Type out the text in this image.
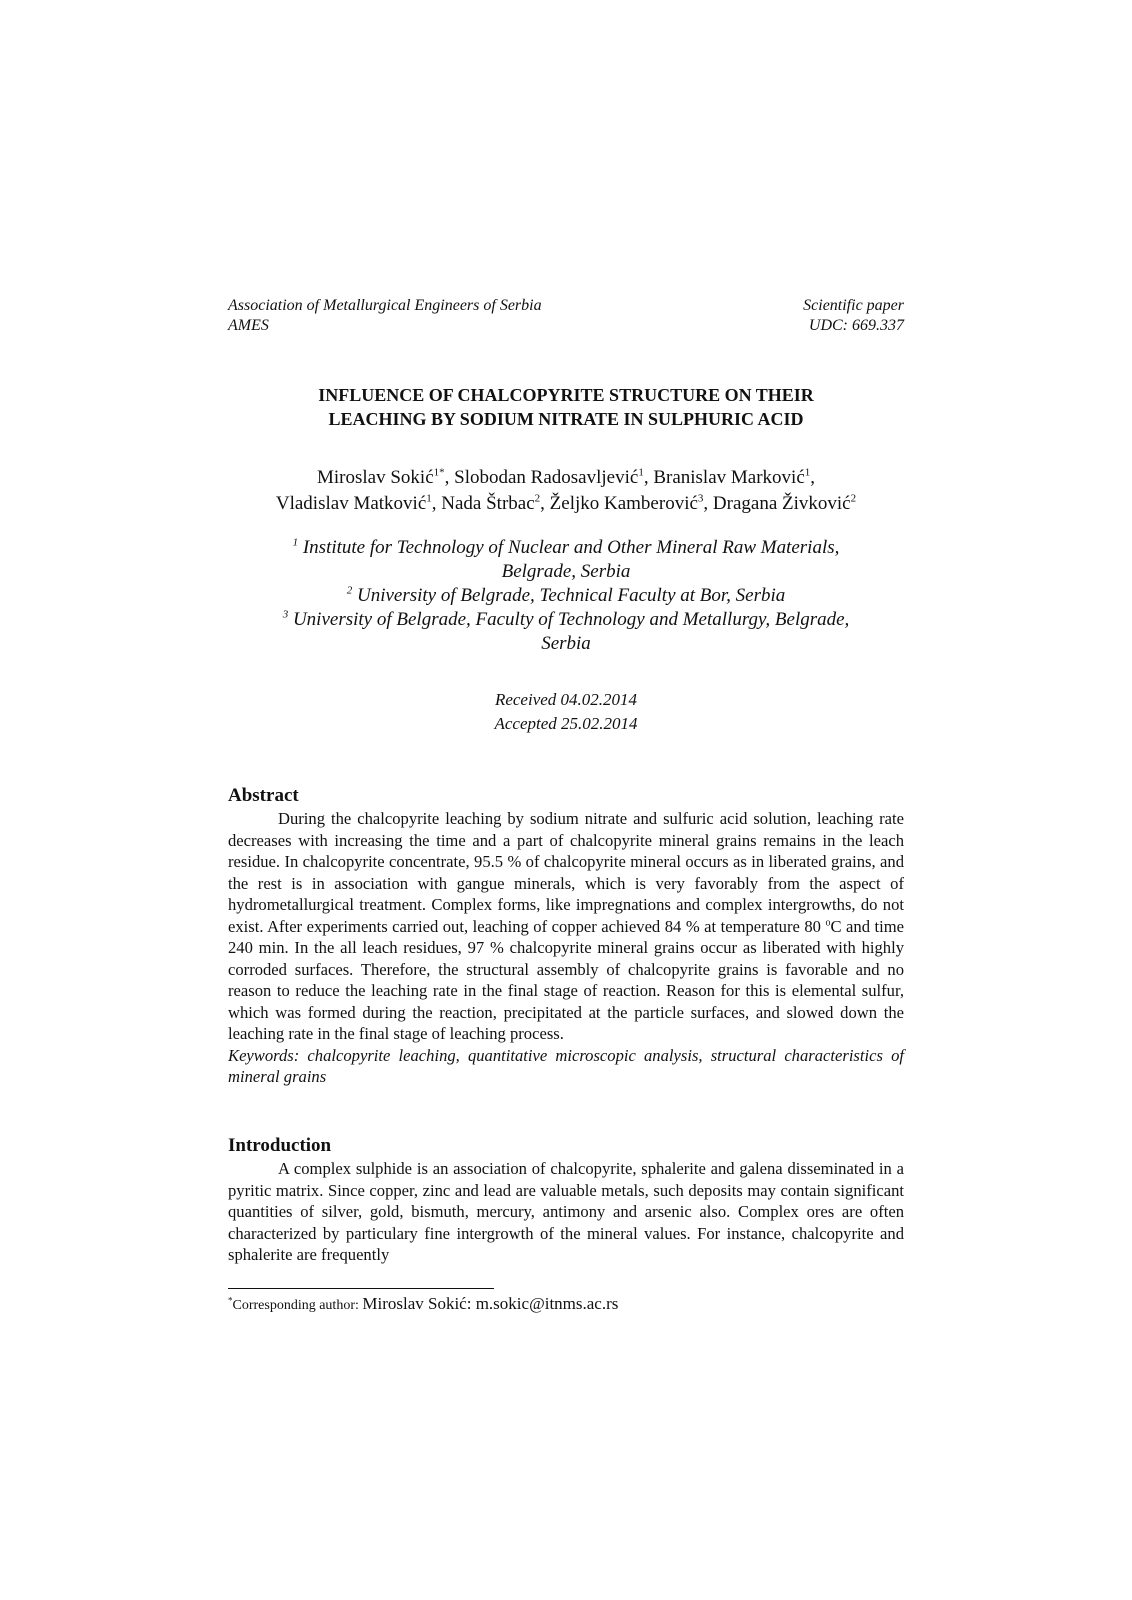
Association of Metallurgical Engineers of Serbia	Scientific paper
AMES	UDC: 669.337
INFLUENCE OF CHALCOPYRITE STRUCTURE ON THEIR
LEACHING BY SODIUM NITRATE IN SULPHURIC ACID
Miroslav Sokić$^{1*}$, Slobodan Radosavljević$^1$, Branislav Marković$^1$,
Vladislav Matković$^1$, Nada Štrbac$^2$, Željko Kamberović$^3$, Dragana Živković$^2$
$^1$ Institute for Technology of Nuclear and Other Mineral Raw Materials,
Belgrade, Serbia
$^2$ University of Belgrade, Technical Faculty at Bor, Serbia
$^3$ University of Belgrade, Faculty of Technology and Metallurgy, Belgrade,
Serbia
Received 04.02.2014
Accepted 25.02.2014
Abstract

During the chalcopyrite leaching by sodium nitrate and sulfuric acid solution, leaching rate decreases with increasing the time and a part of chalcopyrite mineral grains remains in the leach residue. In chalcopyrite concentrate, 95.5 % of chalcopyrite mineral occurs as in liberated grains, and the rest is in association with gangue minerals, which is very favorably from the aspect of hydrometallurgical treatment. Complex forms, like impregnations and complex intergrowths, do not exist. After experiments carried out, leaching of copper achieved 84 % at temperature 80 $^o$C and time 240 min. In the all leach residues, 97 % chalcopyrite mineral grains occur as liberated with highly corroded surfaces. Therefore, the structural assembly of chalcopyrite grains is favorable and no reason to reduce the leaching rate in the final stage of reaction. Reason for this is elemental sulfur, which was formed during the reaction, precipitated at the particle surfaces, and slowed down the leaching rate in the final stage of leaching process.

Keywords: chalcopyrite leaching, quantitative microscopic analysis, structural characteristics of mineral grains

Introduction

A complex sulphide is an association of chalcopyrite, sphalerite and galena disseminated in a pyritic matrix. Since copper, zinc and lead are valuable metals, such deposits may contain significant quantities of silver, gold, bismuth, mercury, antimony and arsenic also. Complex ores are often characterized by particulary fine intergrowth of the mineral values. For instance, chalcopyrite and sphalerite are frequently

*Corresponding author: Miroslav Sokić: m.sokic@itnms.ac.rs
